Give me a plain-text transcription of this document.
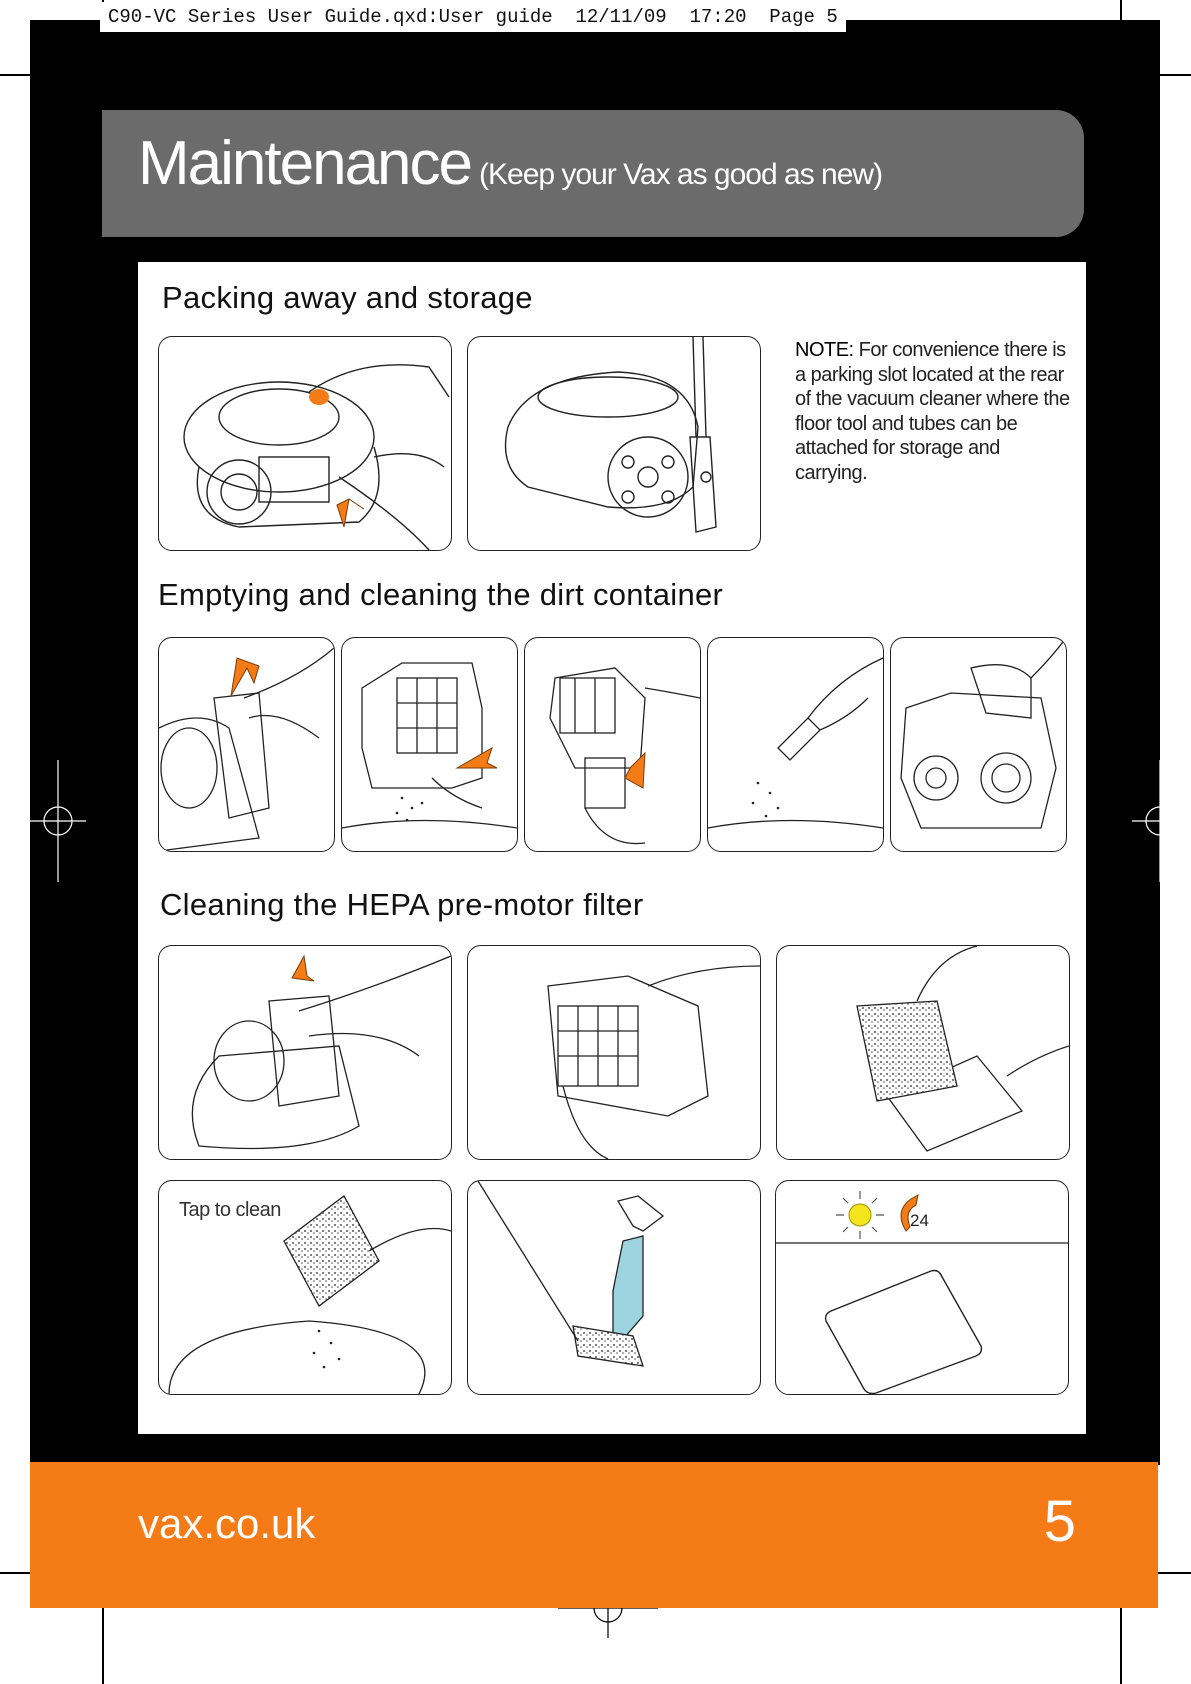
C90-VC Series User Guide.qxd:User guide  12/11/09  17:20  Page 5
Maintenance (Keep your Vax as good as new)
Packing away and storage
NOTE: For convenience there is a parking slot located at the rear of the vacuum cleaner where the floor tool and tubes can be attached for storage and carrying.
Emptying and cleaning the dirt container
Cleaning the HEPA pre-motor filter
Tap to clean	24
vax.co.uk	5
